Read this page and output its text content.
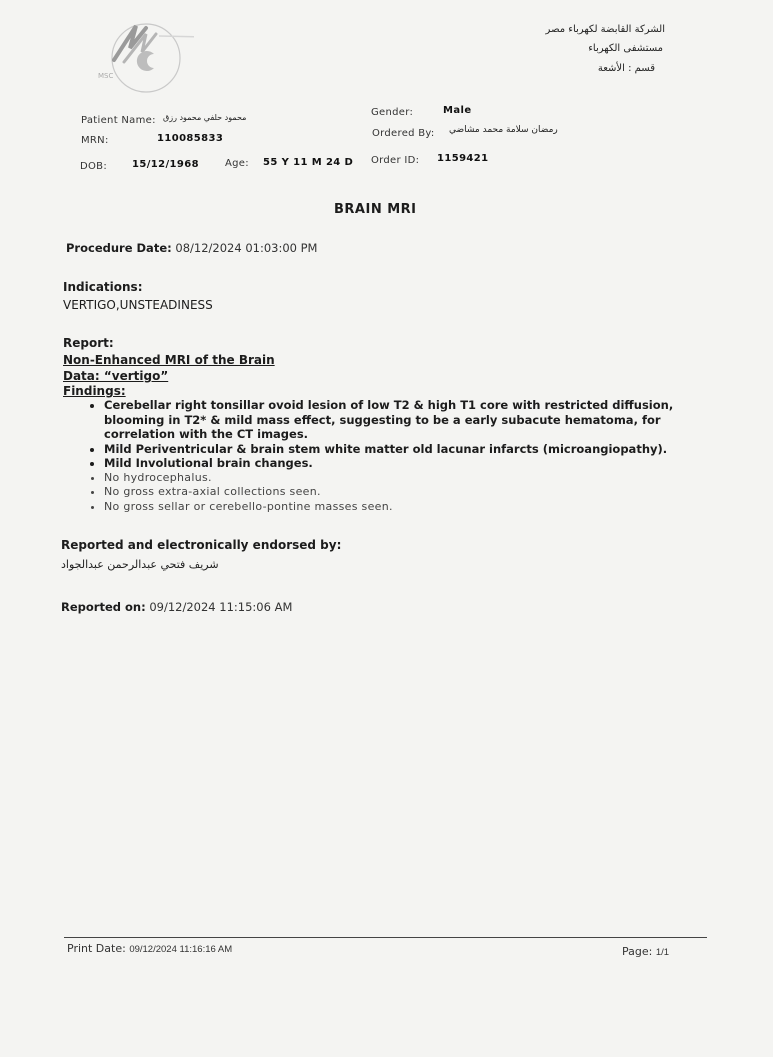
MSC
الشركة القابضة لكهرباء مصر
مستشفى الكهرباء
قسم : الأشعة
Patient Name: محمود حلفي محمود رزق
MRN:	110085833
DOB: 15/12/1968	Age: 55 Y 11 M 24 D
Gender:	Male
Ordered By: رمضان سلامة محمد مشاضي
Order ID: 1159421
BRAIN MRI
Procedure Date: 08/12/2024 01:03:00 PM
Indications:
VERTIGO,UNSTEADINESS
Report:
Non-Enhanced MRI of the Brain
Data: “vertigo”
Findings:
• Cerebellar right tonsillar ovoid lesion of low T2 & high T1 core with restricted diffusion, blooming in T2* & mild mass effect, suggesting to be a early subacute hematoma, for correlation with the CT images.
• Mild Periventricular & brain stem white matter old lacunar infarcts (microangiopathy).
• Mild Involutional brain changes.
• No hydrocephalus.
• No gross extra-axial collections seen.
• No gross sellar or cerebello-pontine masses seen.
Reported and electronically endorsed by:
شريف فتحي عبدالرحمن عبدالجواد
Reported on: 09/12/2024 11:15:06 AM
Print Date: 09/12/2024 11:16:16 AM	Page: 1/1
